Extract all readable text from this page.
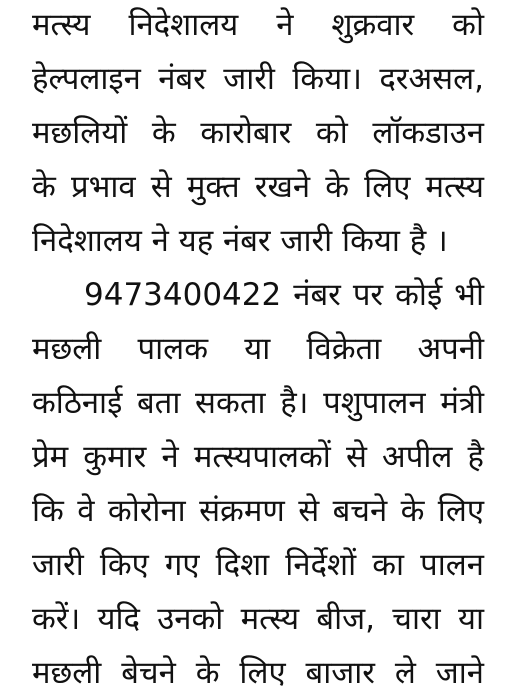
मत्स्य निदेशालय ने शुक्रवार को
हेल्पलाइन नंबर जारी किया। दरअसल,
मछलियों के कारोबार को लॉकडाउन
के प्रभाव से मुक्त रखने के लिए मत्स्य
निदेशालय ने यह नंबर जारी किया है ।
9473400422 नंबर पर कोई भी
मछली पालक या विक्रेता अपनी
कठिनाई बता सकता है। पशुपालन मंत्री
प्रेम कुमार ने मत्स्यपालकों से अपील है
कि वे कोरोना संक्रमण से बचने के लिए
जारी किए गए दिशा निर्देशों का पालन
करें। यदि उनको मत्स्य बीज, चारा या
मछली बेचने के लिए बाजार ले जाने
